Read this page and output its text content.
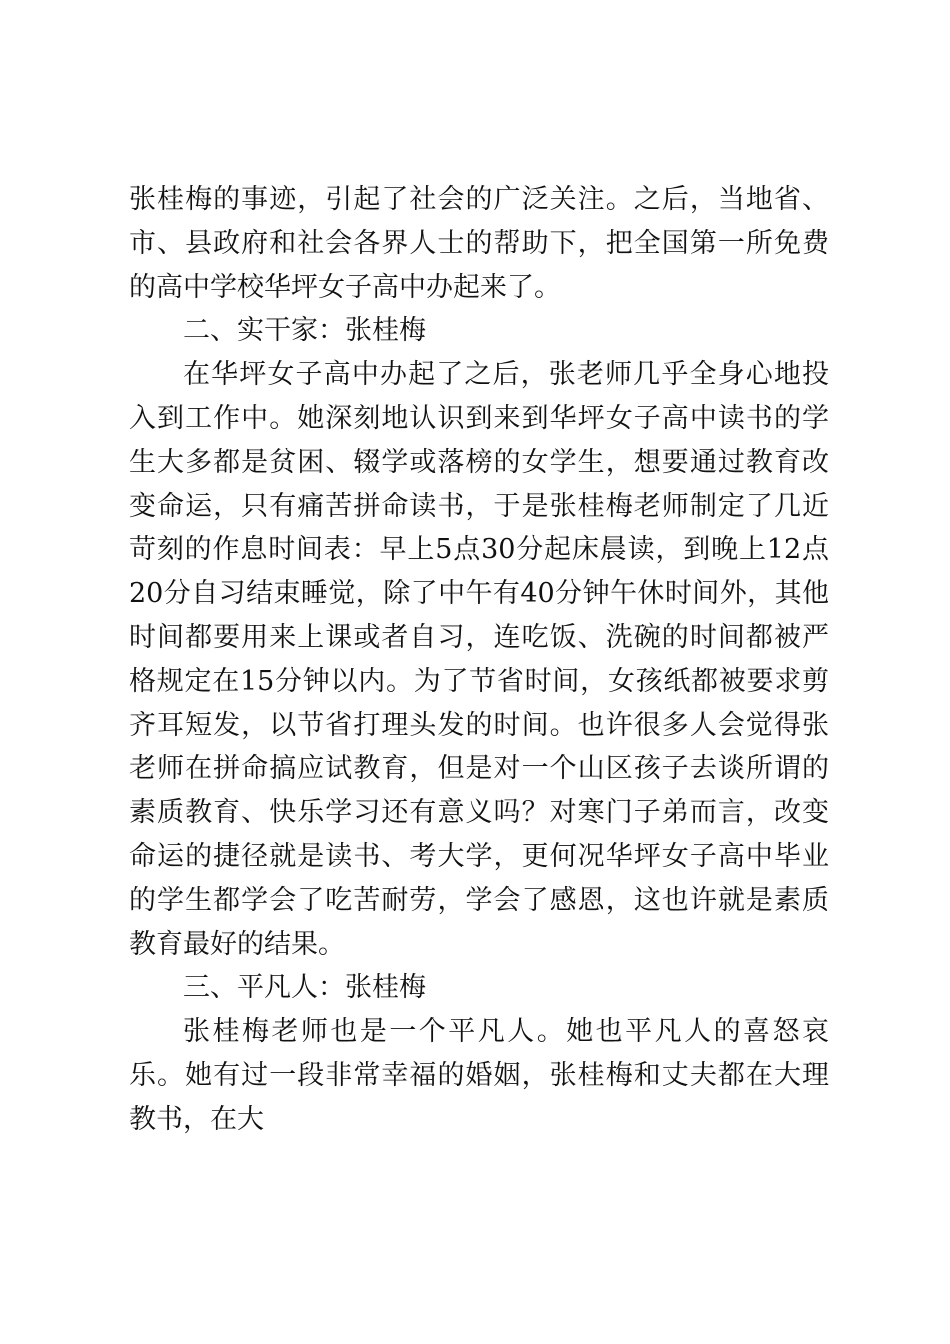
张桂梅的事迹，引起了社会的广泛关注。之后，当地省、市、县政府和社会各界人士的帮助下，把全国第一所免费的高中学校华坪女子高中办起来了。

二、实干家：张桂梅

在华坪女子高中办起了之后，张老师几乎全身心地投入到工作中。她深刻地认识到来到华坪女子高中读书的学生大多都是贫困、辍学或落榜的女学生，想要通过教育改变命运，只有痛苦拼命读书，于是张桂梅老师制定了几近苛刻的作息时间表：早上5点30分起床晨读，到晚上12点20分自习结束睡觉，除了中午有40分钟午休时间外，其他时间都要用来上课或者自习，连吃饭、洗碗的时间都被严格规定在15分钟以内。为了节省时间，女孩纸都被要求剪齐耳短发，以节省打理头发的时间。也许很多人会觉得张老师在拼命搞应试教育，但是对一个山区孩子去谈所谓的素质教育、快乐学习还有意义吗？对寒门子弟而言，改变命运的捷径就是读书、考大学，更何况华坪女子高中毕业的学生都学会了吃苦耐劳，学会了感恩，这也许就是素质教育最好的结果。

三、平凡人：张桂梅

张桂梅老师也是一个平凡人。她也平凡人的喜怒哀乐。她有过一段非常幸福的婚姻，张桂梅和丈夫都在大理教书，在大
